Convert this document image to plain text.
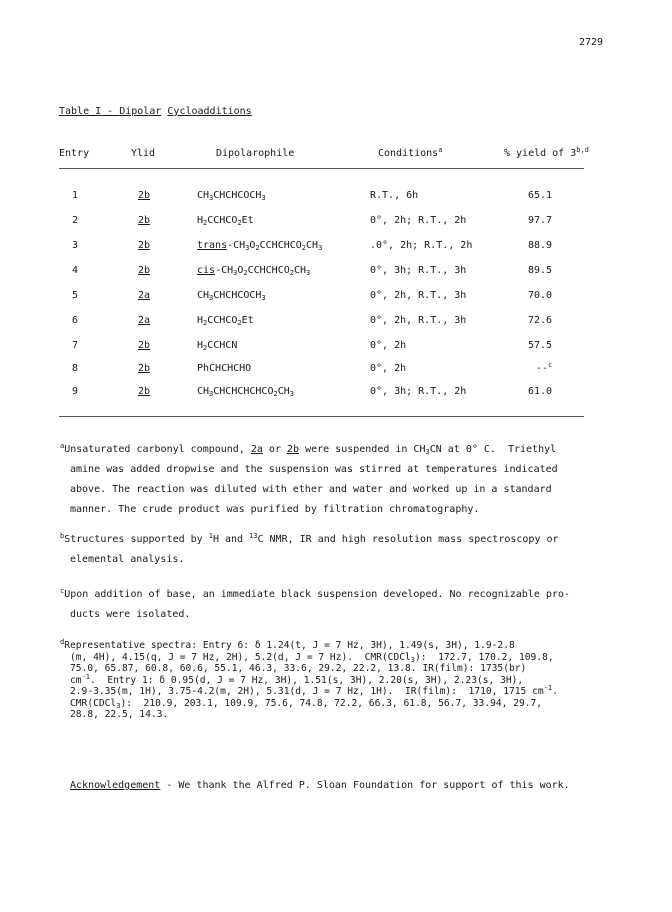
2729
Table I - Dipolar Cycloadditions
Entry	Ylid	Dipolarophile	Conditions$^a$	% yield of 3$^{b,d}$
1	2b	$CH_3CHCHCOCH_3$	R.T., 6h	65.1
2	2b	$H_2CCHCO_2Et$	0°, 2h; R.T., 2h	97.7
3	2b	trans-$CH_3O_2CCHCHCO_2CH_3$	.0°, 2h; R.T., 2h	88.9
4	2b	cis-$CH_3O_2CCHCHCO_2CH_3$	0°, 3h; R.T., 3h	89.5
5	2a	$CH_3CHCHCOCH_3$	0°, 2h, R.T., 3h	70.0
6	2a	$H_2CCHCO_2Et$	0°, 2h, R.T., 3h	72.6
7	2b	$H_2CCHCN$	0°, 2h	57.5
8	2b	PhCHCHCHO	0°, 2h	--$^c$
9	2b	$CH_3CHCHCHCHCO_2CH_3$	0°, 3h; R.T., 2h	61.0
$^a$Unsaturated carbonyl compound, 2a or 2b were suspended in $CH_3CN$ at 0° C.  Triethyl
amine was added dropwise and the suspension was stirred at temperatures indicated
above. The reaction was diluted with ether and water and worked up in a standard
manner. The crude product was purified by filtration chromatography.
$^b$Structures supported by $^1$H and $^{13}$C NMR, IR and high resolution mass spectroscopy or
elemental analysis.
$^c$Upon addition of base, an immediate black suspension developed. No recognizable pro-
ducts were isolated.
$^d$Representative spectra: Entry 6: δ 1.24(t, J = 7 Hz, 3H), 1.49(s, 3H), 1.9-2.8
(m, 4H), 4.15(q, J = 7 Hz, 2H), 5.2(d, J = 7 Hz).  CMR(CDCl$_3$):  172.7, 170.2, 109.8,
75.0, 65.87, 60.8, 60.6, 55.1, 46.3, 33.6, 29.2, 22.2, 13.8. IR(film): 1735(br)
$cm^{-1}$.  Entry 1: δ 0.95(d, J = 7 Hz, 3H), 1.51(s, 3H), 2.20(s, 3H), 2.23(s, 3H),
2.9-3.35(m, 1H), 3.75-4.2(m, 2H), 5.31(d, J = 7 Hz, 1H).  IR(film):  1710, 1715 $cm^{-1}$.
CMR(CDCl$_3$):  210.9, 203.1, 109.9, 75.6, 74.8, 72.2, 66.3, 61.8, 56.7, 33.94, 29.7,
28.8, 22.5, 14.3.
Acknowledgement - We thank the Alfred P. Sloan Foundation for support of this work.
